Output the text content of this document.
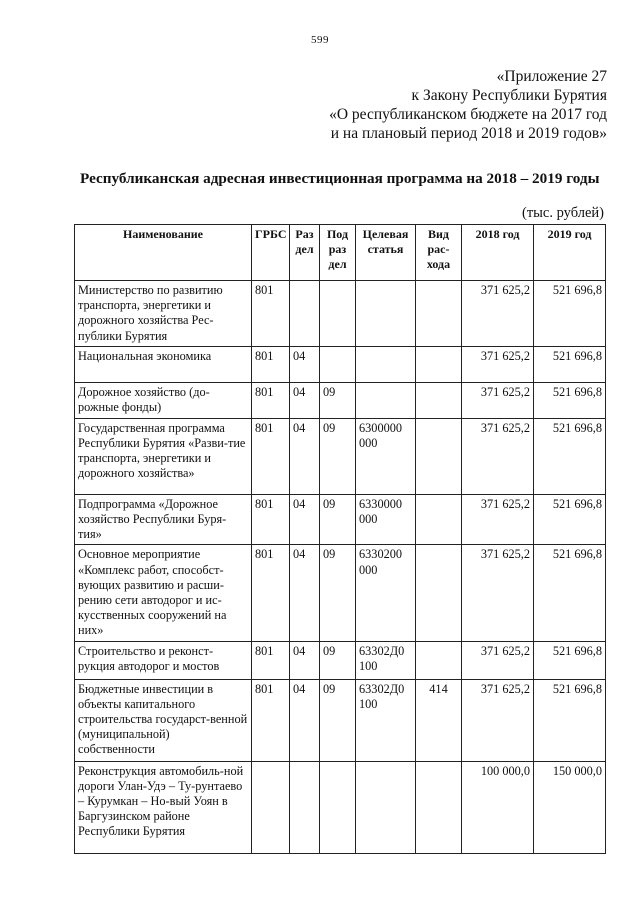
599
«Приложение 27
к Закону Республики Бурятия
«О республиканском бюджете на 2017 год
и на плановый период 2018 и 2019 годов»
Республиканская адресная инвестиционная программа на 2018 – 2019 годы
(тыс. рублей)
Наименование	ГРБС	Раз дел	Под раз дел	Целевая статья	Вид рас- хода	2018 год	2019 год
Министерство по развитию транспорта, энергетики и дорожного хозяйства Рес-публики Бурятия	801					371 625,2	521 696,8
Национальная экономика	801	04				371 625,2	521 696,8
Дорожное хозяйство (до-рожные фонды)	801	04	09			371 625,2	521 696,8
Государственная программа Республики Бурятия «Разви-тие транспорта, энергетики и дорожного хозяйства»	801	04	09	6300000 000		371 625,2	521 696,8
Подпрограмма «Дорожное хозяйство Республики Буря-тия»	801	04	09	6330000 000		371 625,2	521 696,8
Основное мероприятие «Комплекс работ, способст-вующих развитию и расши-рению сети автодорог и ис-кусственных сооружений на них»	801	04	09	6330200 000		371 625,2	521 696,8
Строительство и реконст-рукция автодорог и мостов	801	04	09	63302Д0 100		371 625,2	521 696,8
Бюджетные инвестиции в объекты капитального строительства государст-венной (муниципальной) собственности	801	04	09	63302Д0 100	414	371 625,2	521 696,8
Реконструкция автомобиль-ной дороги Улан-Удэ – Ту-рунтаево – Курумкан – Но-вый Уоян в Баргузинском районе Республики Бурятия						100 000,0	150 000,0
